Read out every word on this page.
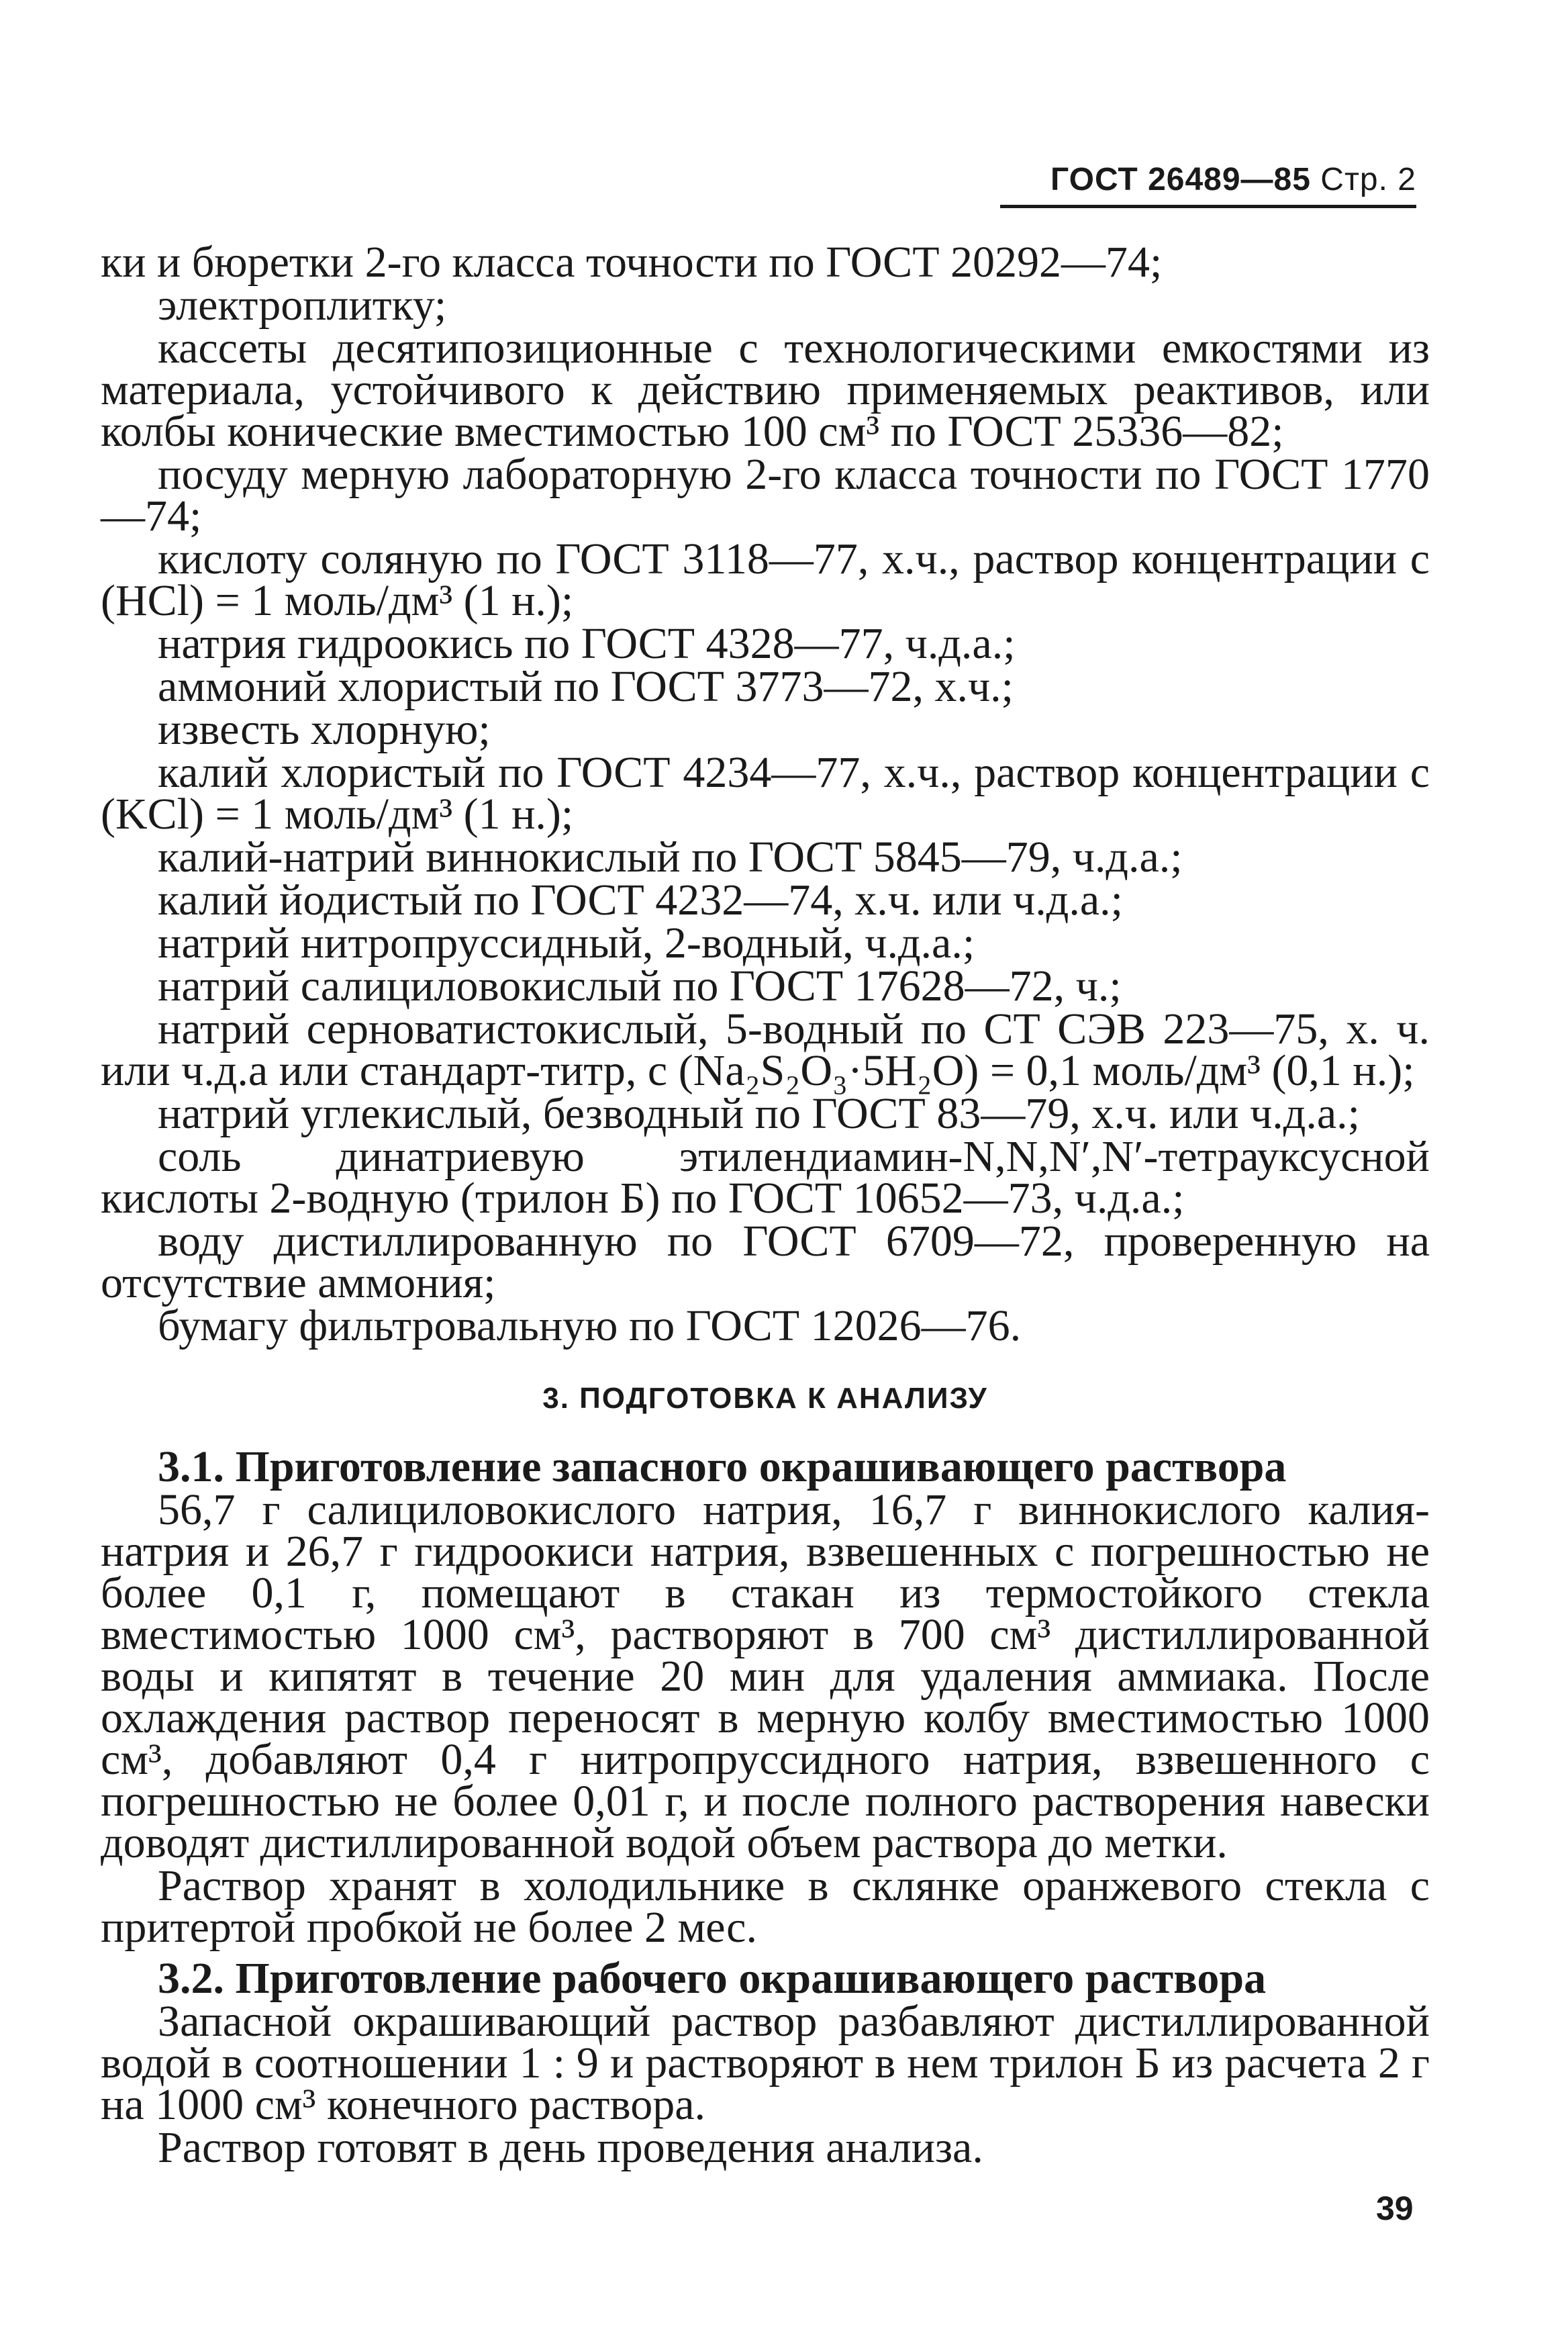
ГОСТ 26489—85 Стр. 2

ки и бюретки 2-го класса точности по ГОСТ 20292—74;

электроплитку;

кассеты десятипозиционные с технологическими емкостями из материала, устойчивого к действию применяемых реактивов, или колбы конические вместимостью 100 см³ по ГОСТ 25336—82;

посуду мерную лабораторную 2-го класса точности по ГОСТ 1770—74;

кислоту соляную по ГОСТ 3118—77, х.ч., раствор концентрации с (HCl) = 1 моль/дм³ (1 н.);

натрия гидроокись по ГОСТ 4328—77, ч.д.а.;

аммоний хлористый по ГОСТ 3773—72, х.ч.;

известь хлорную;

калий хлористый по ГОСТ 4234—77, х.ч., раствор концентрации с (KCl) = 1 моль/дм³ (1 н.);

калий-натрий виннокислый по ГОСТ 5845—79, ч.д.а.;

калий йодистый по ГОСТ 4232—74, х.ч. или ч.д.а.;

натрий нитропруссидный, 2-водный, ч.д.а.;

натрий салициловокислый по ГОСТ 17628—72, ч.;

натрий серноватистокислый, 5-водный по СТ СЭВ 223—75, х. ч. или ч.д.а или стандарт-титр, с (Na₂S₂O₃·5H₂O) = 0,1 моль/дм³ (0,1 н.);

натрий углекислый, безводный по ГОСТ 83—79, х.ч. или ч.д.а.;

соль динатриевую этилендиамин-N,N,N′,N′-тетрауксусной кислоты 2-водную (трилон Б) по ГОСТ 10652—73, ч.д.а.;

воду дистиллированную по ГОСТ 6709—72, проверенную на отсутствие аммония;

бумагу фильтровальную по ГОСТ 12026—76.

3. ПОДГОТОВКА К АНАЛИЗУ

3.1. Приготовление запасного окрашивающего раствора

56,7 г салициловокислого натрия, 16,7 г виннокислого калия-натрия и 26,7 г гидроокиси натрия, взвешенных с погрешностью не более 0,1 г, помещают в стакан из термостойкого стекла вместимостью 1000 см³, растворяют в 700 см³ дистиллированной воды и кипятят в течение 20 мин для удаления аммиака. После охлаждения раствор переносят в мерную колбу вместимостью 1000 см³, добавляют 0,4 г нитропруссидного натрия, взвешенного с погрешностью не более 0,01 г, и после полного растворения навески доводят дистиллированной водой объем раствора до метки.

Раствор хранят в холодильнике в склянке оранжевого стекла с притертой пробкой не более 2 мес.

3.2. Приготовление рабочего окрашивающего раствора

Запасной окрашивающий раствор разбавляют дистиллированной водой в соотношении 1 : 9 и растворяют в нем трилон Б из расчета 2 г на 1000 см³ конечного раствора.

Раствор готовят в день проведения анализа.

39
